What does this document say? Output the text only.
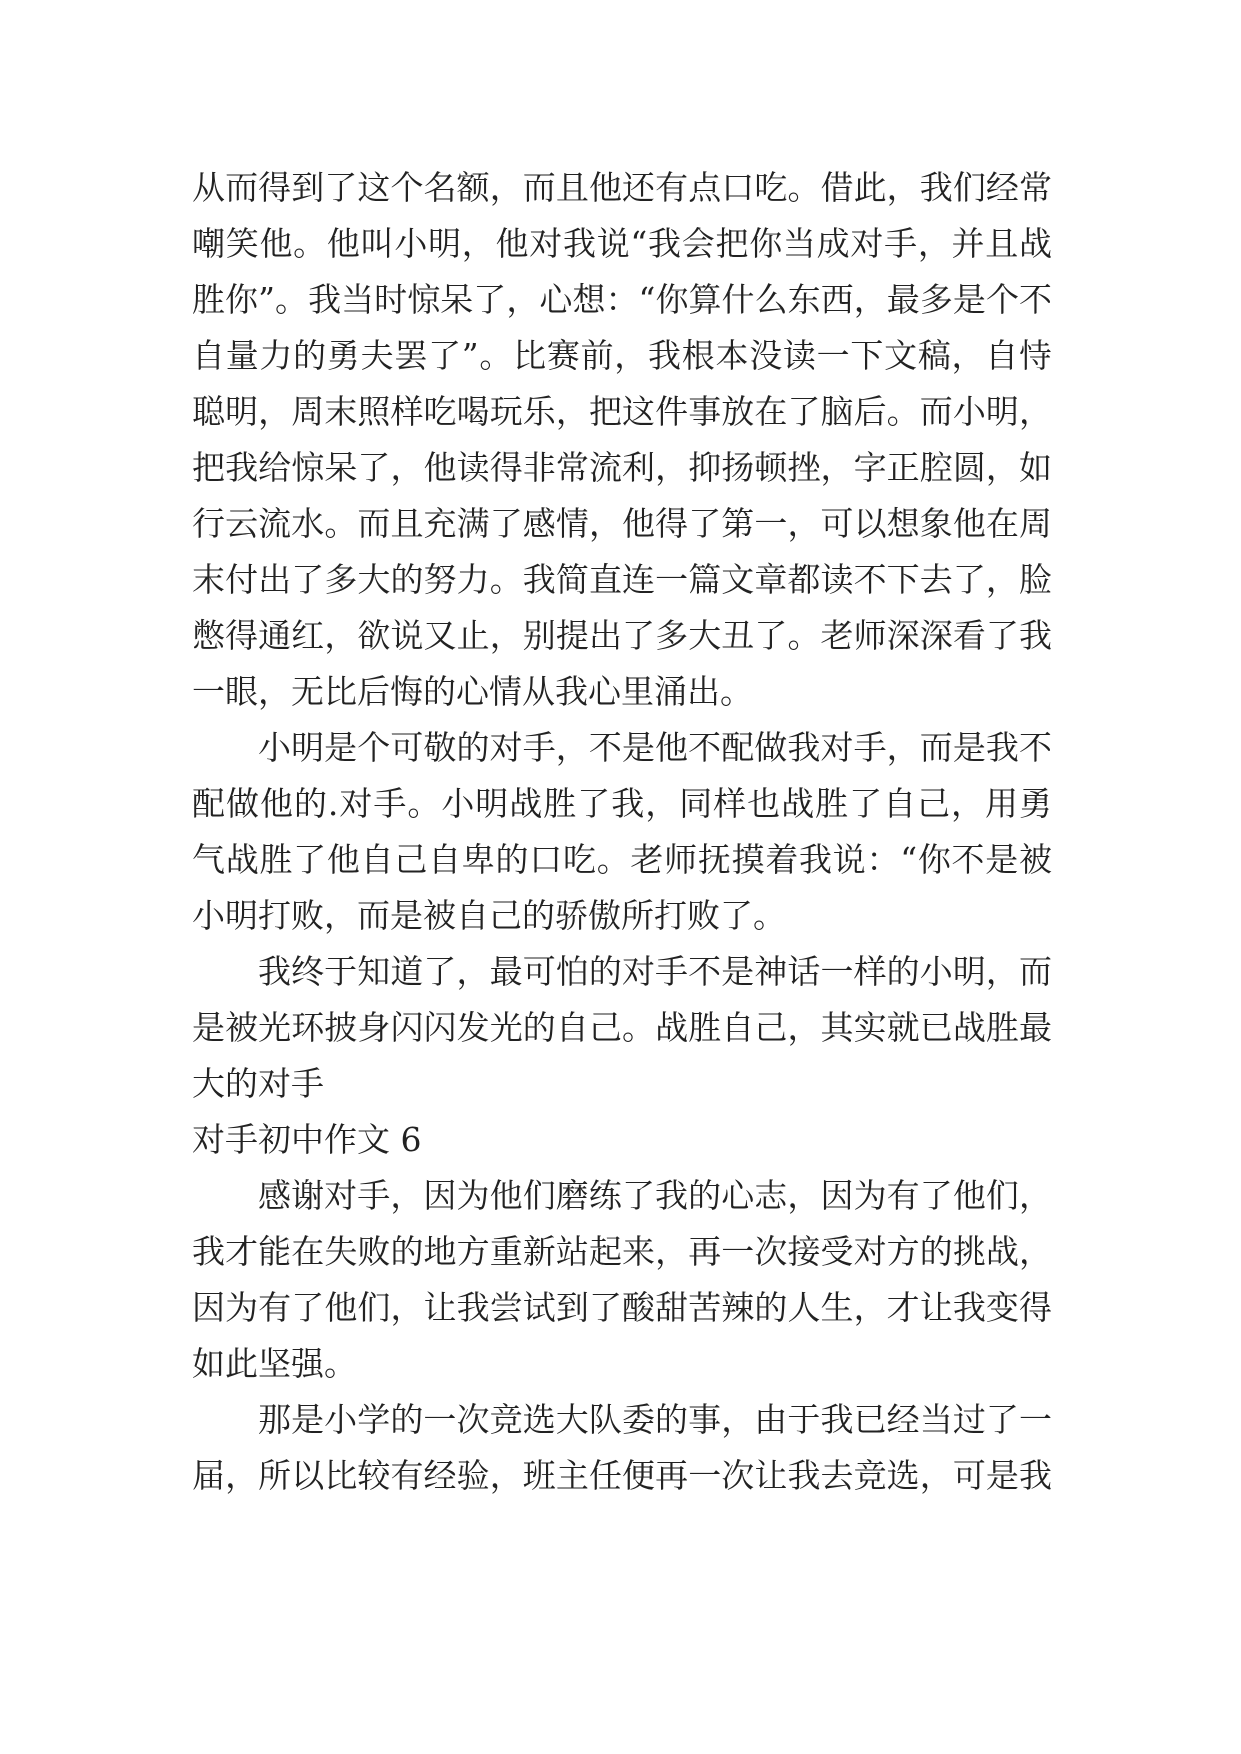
从而得到了这个名额，而且他还有点口吃。借此，我们经常
嘲笑他。他叫小明，他对我说“我会把你当成对手，并且战
胜你”。我当时惊呆了，心想：“你算什么东西，最多是个不
自量力的勇夫罢了”。比赛前，我根本没读一下文稿，自恃
聪明，周末照样吃喝玩乐，把这件事放在了脑后。而小明，
把我给惊呆了，他读得非常流利，抑扬顿挫，字正腔圆，如
行云流水。而且充满了感情，他得了第一，可以想象他在周
末付出了多大的努力。我简直连一篇文章都读不下去了，脸
憋得通红，欲说又止，别提出了多大丑了。老师深深看了我
一眼，无比后悔的心情从我心里涌出。
小明是个可敬的对手，不是他不配做我对手，而是我不
配做他的.对手。小明战胜了我，同样也战胜了自己，用勇
气战胜了他自己自卑的口吃。老师抚摸着我说：“你不是被
小明打败，而是被自己的骄傲所打败了。
我终于知道了，最可怕的对手不是神话一样的小明，而
是被光环披身闪闪发光的自己。战胜自己，其实就已战胜最
大的对手
对手初中作文 6
感谢对手，因为他们磨练了我的心志，因为有了他们，
我才能在失败的地方重新站起来，再一次接受对方的挑战，
因为有了他们，让我尝试到了酸甜苦辣的人生，才让我变得
如此坚强。
那是小学的一次竞选大队委的事，由于我已经当过了一
届，所以比较有经验，班主任便再一次让我去竞选，可是我
